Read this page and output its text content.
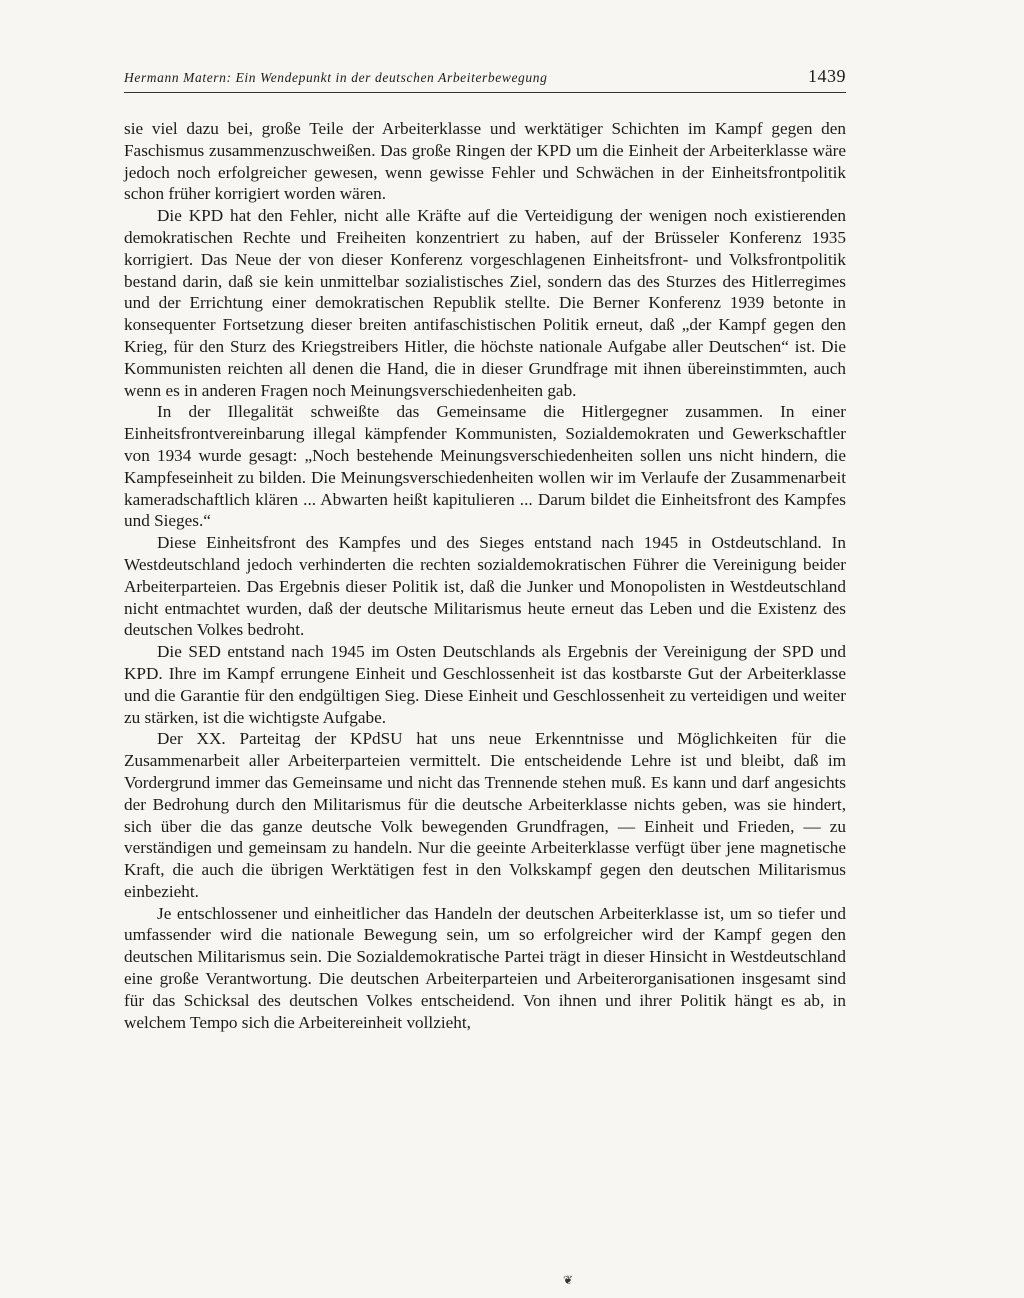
Hermann Matern: Ein Wendepunkt in der deutschen Arbeiterbewegung	1439

sie viel dazu bei, große Teile der Arbeiterklasse und werktätiger Schichten im Kampf gegen den Faschismus zusammenzuschweißen. Das große Ringen der KPD um die Einheit der Arbeiterklasse wäre jedoch noch erfolgreicher gewesen, wenn gewisse Fehler und Schwächen in der Einheitsfrontpolitik schon früher korrigiert worden wären.

Die KPD hat den Fehler, nicht alle Kräfte auf die Verteidigung der wenigen noch existierenden demokratischen Rechte und Freiheiten konzentriert zu haben, auf der Brüsseler Konferenz 1935 korrigiert. Das Neue der von dieser Konferenz vorgeschlagenen Einheitsfront- und Volksfrontpolitik bestand darin, daß sie kein unmittelbar sozialistisches Ziel, sondern das des Sturzes des Hitlerregimes und der Errichtung einer demokratischen Republik stellte. Die Berner Konferenz 1939 betonte in konsequenter Fortsetzung dieser breiten antifaschistischen Politik erneut, daß „der Kampf gegen den Krieg, für den Sturz des Kriegstreibers Hitler, die höchste nationale Aufgabe aller Deutschen“ ist. Die Kommunisten reichten all denen die Hand, die in dieser Grundfrage mit ihnen übereinstimmten, auch wenn es in anderen Fragen noch Meinungsverschiedenheiten gab.

In der Illegalität schweißte das Gemeinsame die Hitlergegner zusammen. In einer Einheitsfrontvereinbarung illegal kämpfender Kommunisten, Sozialdemokraten und Gewerkschaftler von 1934 wurde gesagt: „Noch bestehende Meinungsverschiedenheiten sollen uns nicht hindern, die Kampfeseinheit zu bilden. Die Meinungsverschiedenheiten wollen wir im Verlaufe der Zusammenarbeit kameradschaftlich klären ... Abwarten heißt kapitulieren ... Darum bildet die Einheitsfront des Kampfes und Sieges.“

Diese Einheitsfront des Kampfes und des Sieges entstand nach 1945 in Ostdeutschland. In Westdeutschland jedoch verhinderten die rechten sozialdemokratischen Führer die Vereinigung beider Arbeiterparteien. Das Ergebnis dieser Politik ist, daß die Junker und Monopolisten in Westdeutschland nicht entmachtet wurden, daß der deutsche Militarismus heute erneut das Leben und die Existenz des deutschen Volkes bedroht.

Die SED entstand nach 1945 im Osten Deutschlands als Ergebnis der Vereinigung der SPD und KPD. Ihre im Kampf errungene Einheit und Geschlossenheit ist das kostbarste Gut der Arbeiterklasse und die Garantie für den endgültigen Sieg. Diese Einheit und Geschlossenheit zu verteidigen und weiter zu stärken, ist die wichtigste Aufgabe.

Der XX. Parteitag der KPdSU hat uns neue Erkenntnisse und Möglichkeiten für die Zusammenarbeit aller Arbeiterparteien vermittelt. Die entscheidende Lehre ist und bleibt, daß im Vordergrund immer das Gemeinsame und nicht das Trennende stehen muß. Es kann und darf angesichts der Bedrohung durch den Militarismus für die deutsche Arbeiterklasse nichts geben, was sie hindert, sich über die das ganze deutsche Volk bewegenden Grundfragen, — Einheit und Frieden, — zu verständigen und gemeinsam zu handeln. Nur die geeinte Arbeiterklasse verfügt über jene magnetische Kraft, die auch die übrigen Werktätigen fest in den Volkskampf gegen den deutschen Militarismus einbezieht.

Je entschlossener und einheitlicher das Handeln der deutschen Arbeiterklasse ist, um so tiefer und umfassender wird die nationale Bewegung sein, um so erfolgreicher wird der Kampf gegen den deutschen Militarismus sein. Die Sozialdemokratische Partei trägt in dieser Hinsicht in Westdeutschland eine große Verantwortung. Die deutschen Arbeiterparteien und Arbeiterorganisationen insgesamt sind für das Schicksal des deutschen Volkes entscheidend. Von ihnen und ihrer Politik hängt es ab, in welchem Tempo sich die Arbeitereinheit vollzieht,

❦
